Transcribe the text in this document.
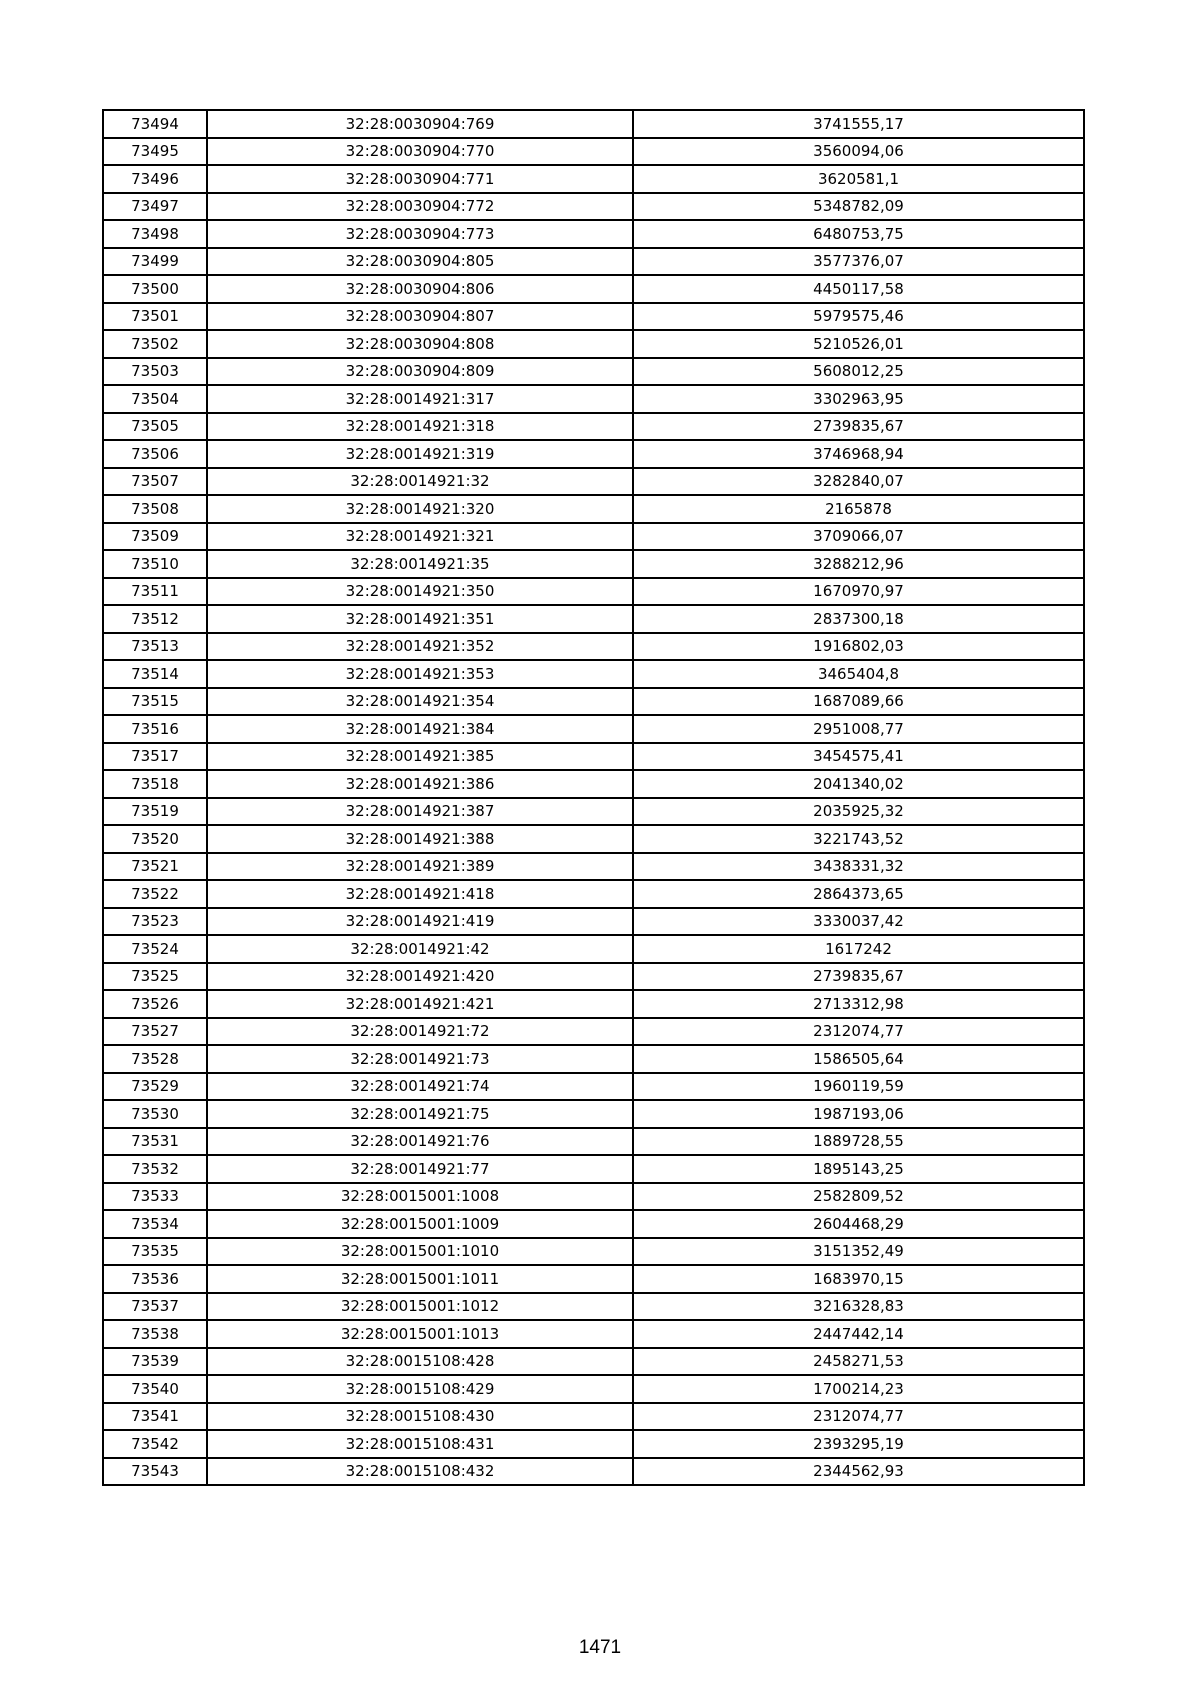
73494	32:28:0030904:769	3741555,17
73495	32:28:0030904:770	3560094,06
73496	32:28:0030904:771	3620581,1
73497	32:28:0030904:772	5348782,09
73498	32:28:0030904:773	6480753,75
73499	32:28:0030904:805	3577376,07
73500	32:28:0030904:806	4450117,58
73501	32:28:0030904:807	5979575,46
73502	32:28:0030904:808	5210526,01
73503	32:28:0030904:809	5608012,25
73504	32:28:0014921:317	3302963,95
73505	32:28:0014921:318	2739835,67
73506	32:28:0014921:319	3746968,94
73507	32:28:0014921:32	3282840,07
73508	32:28:0014921:320	2165878
73509	32:28:0014921:321	3709066,07
73510	32:28:0014921:35	3288212,96
73511	32:28:0014921:350	1670970,97
73512	32:28:0014921:351	2837300,18
73513	32:28:0014921:352	1916802,03
73514	32:28:0014921:353	3465404,8
73515	32:28:0014921:354	1687089,66
73516	32:28:0014921:384	2951008,77
73517	32:28:0014921:385	3454575,41
73518	32:28:0014921:386	2041340,02
73519	32:28:0014921:387	2035925,32
73520	32:28:0014921:388	3221743,52
73521	32:28:0014921:389	3438331,32
73522	32:28:0014921:418	2864373,65
73523	32:28:0014921:419	3330037,42
73524	32:28:0014921:42	1617242
73525	32:28:0014921:420	2739835,67
73526	32:28:0014921:421	2713312,98
73527	32:28:0014921:72	2312074,77
73528	32:28:0014921:73	1586505,64
73529	32:28:0014921:74	1960119,59
73530	32:28:0014921:75	1987193,06
73531	32:28:0014921:76	1889728,55
73532	32:28:0014921:77	1895143,25
73533	32:28:0015001:1008	2582809,52
73534	32:28:0015001:1009	2604468,29
73535	32:28:0015001:1010	3151352,49
73536	32:28:0015001:1011	1683970,15
73537	32:28:0015001:1012	3216328,83
73538	32:28:0015001:1013	2447442,14
73539	32:28:0015108:428	2458271,53
73540	32:28:0015108:429	1700214,23
73541	32:28:0015108:430	2312074,77
73542	32:28:0015108:431	2393295,19
73543	32:28:0015108:432	2344562,93
1471
